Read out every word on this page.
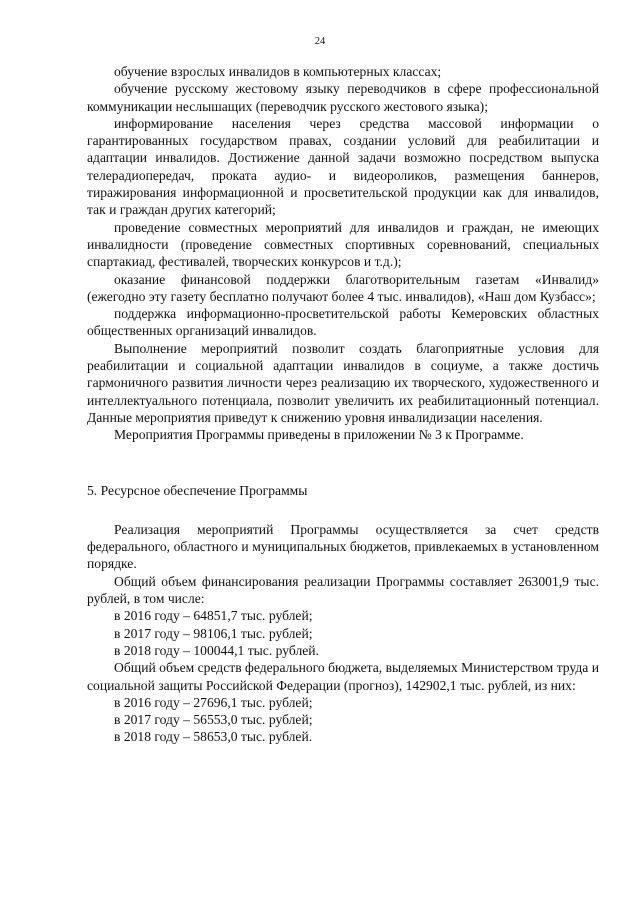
24

обучение взрослых инвалидов в компьютерных классах;

обучение русскому жестовому языку переводчиков в сфере профессиональной коммуникации неслышащих (переводчик русского жестового языка);

информирование населения через средства массовой информации о гарантированных государством правах, создании условий для реабилитации и адаптации инвалидов. Достижение данной задачи возможно посредством выпуска телерадиопередач, проката аудио- и видеороликов, размещения баннеров, тиражирования информационной и просветительской продукции как для инвалидов, так и граждан других категорий;

проведение совместных мероприятий для инвалидов и граждан, не имеющих инвалидности (проведение совместных спортивных соревнований, специальных спартакиад, фестивалей, творческих конкурсов и т.д.);

оказание финансовой поддержки благотворительным газетам «Инвалид» (ежегодно эту газету бесплатно получают более 4 тыс. инвалидов), «Наш дом Кузбасс»;

поддержка информационно-просветительской работы Кемеровских областных общественных организаций инвалидов.

Выполнение мероприятий позволит создать благоприятные условия для реабилитации и социальной адаптации инвалидов в социуме, а также достичь гармоничного развития личности через реализацию их творческого, художественного и интеллектуального потенциала, позволит увеличить их реабилитационный потенциал. Данные мероприятия приведут к снижению уровня инвалидизации населения.

Мероприятия Программы приведены в приложении № 3 к Программе.

5. Ресурсное обеспечение Программы

Реализация мероприятий Программы осуществляется за счет средств федерального, областного и муниципальных бюджетов, привлекаемых в установленном порядке.

Общий объем финансирования реализации Программы составляет 263001,9 тыс. рублей, в том числе:

в 2016 году – 64851,7 тыс. рублей;

в 2017 году – 98106,1 тыс. рублей;

в 2018 году – 100044,1 тыс. рублей.

Общий объем средств федерального бюджета, выделяемых Министерством труда и социальной защиты Российской Федерации (прогноз), 142902,1 тыс. рублей, из них:

в 2016 году – 27696,1 тыс. рублей;

в 2017 году – 56553,0 тыс. рублей;

в 2018 году – 58653,0 тыс. рублей.
